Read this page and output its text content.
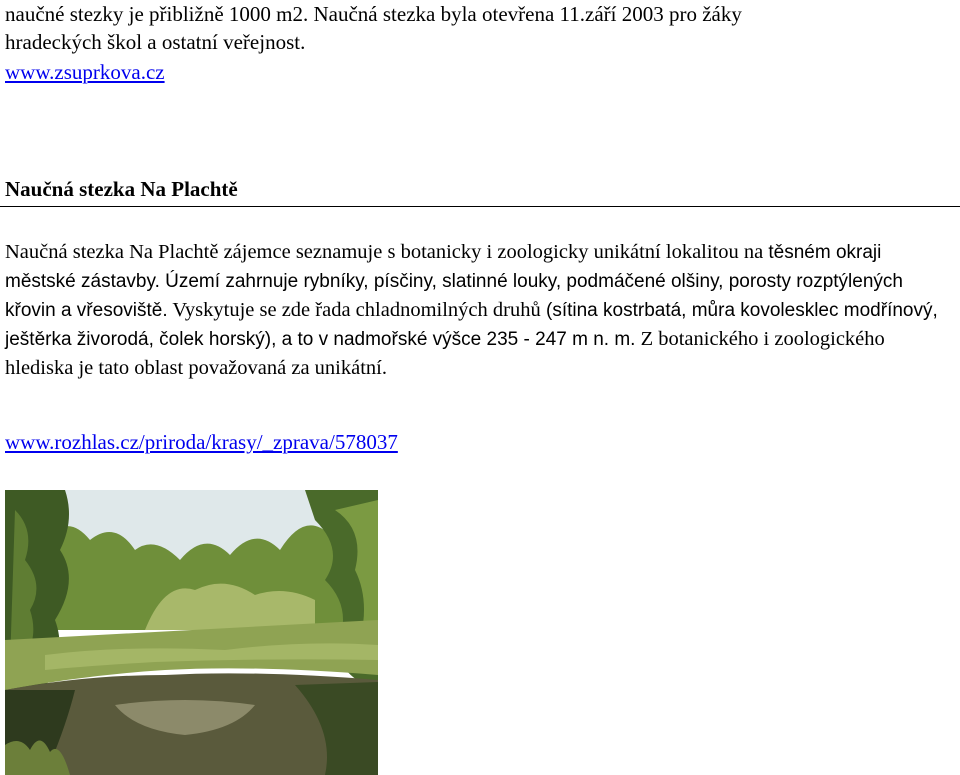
naučné stezky je přibližně 1000 m2. Naučná stezka byla otevřena 11.září 2003 pro žáky
hradeckých škol a ostatní veřejnost.

www.zsuprkova.cz
Naučná stezka Na Plachtě

Naučná stezka Na Plachtě zájemce seznamuje s botanicky i zoologicky unikátní lokalitou na těsném okraji městské zástavby. Území zahrnuje rybníky, písčiny, slatinné louky, podmáčené olšiny, porosty rozptýlených křovin a vřesoviště. Vyskytuje se zde řada chladnomilných druhů (sítina kostrbatá, můra kovolesklec modřínový, ještěrka živorodá, čolek horský), a to v nadmořské výšce 235 - 247 m n. m. Z botanického i zoologického hlediska je tato oblast považovaná za unikátní.

www.rozhlas.cz/priroda/krasy/_zprava/578037
